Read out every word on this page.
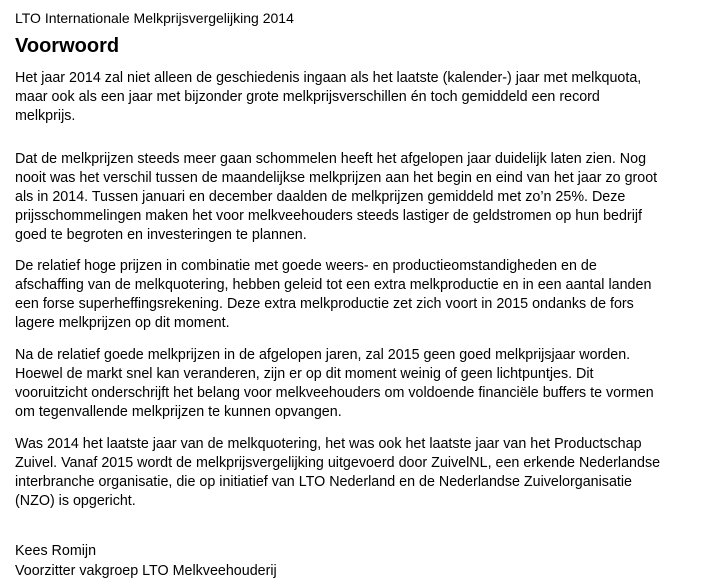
LTO Internationale Melkprijsvergelijking 2014
Voorwoord
Het jaar 2014 zal niet alleen de geschiedenis ingaan als het laatste (kalender-) jaar met melkquota,
maar ook als een jaar met bijzonder grote melkprijsverschillen én toch gemiddeld een record
melkprijs.
Dat de melkprijzen steeds meer gaan schommelen heeft het afgelopen jaar duidelijk laten zien. Nog
nooit was het verschil tussen de maandelijkse melkprijzen aan het begin en eind van het jaar zo groot
als in 2014. Tussen januari en december daalden de melkprijzen gemiddeld met zo’n 25%. Deze
prijsschommelingen maken het voor melkveehouders steeds lastiger de geldstromen op hun bedrijf
goed te begroten en investeringen te plannen.
De relatief hoge prijzen in combinatie met goede weers- en productieomstandigheden en de
afschaffing van de melkquotering, hebben geleid tot een extra melkproductie en in een aantal landen
een forse superheffingsrekening. Deze extra melkproductie zet zich voort in 2015 ondanks de fors
lagere melkprijzen op dit moment.
Na de relatief goede melkprijzen in de afgelopen jaren, zal 2015 geen goed melkprijsjaar worden.
Hoewel de markt snel kan veranderen, zijn er op dit moment weinig of geen lichtpuntjes. Dit
vooruitzicht onderschrijft het belang voor melkveehouders om voldoende financiële buffers te vormen
om tegenvallende melkprijzen te kunnen opvangen.
Was 2014 het laatste jaar van de melkquotering, het was ook het laatste jaar van het Productschap
Zuivel. Vanaf 2015 wordt de melkprijsvergelijking uitgevoerd door ZuivelNL, een erkende Nederlandse
interbranche organisatie, die op initiatief van LTO Nederland en de Nederlandse Zuivelorganisatie
(NZO) is opgericht.
Kees Romijn
Voorzitter vakgroep LTO Melkveehouderij
